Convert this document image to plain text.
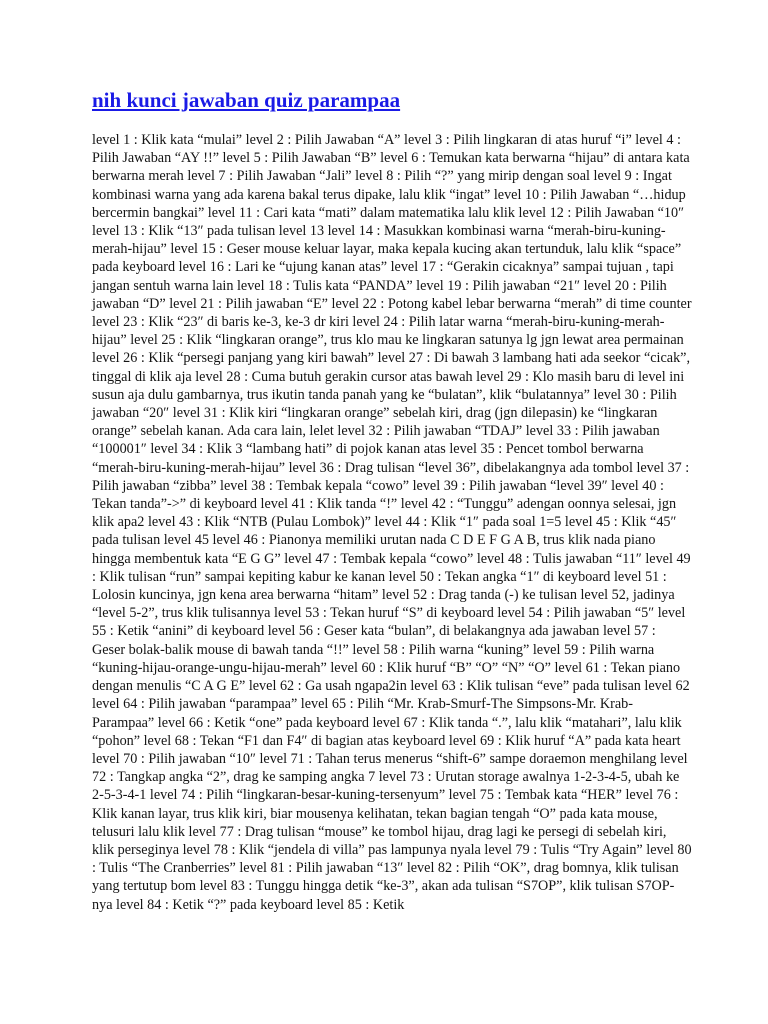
nih kunci jawaban quiz parampaa

level 1 : Klik kata “mulai” level 2 : Pilih Jawaban “A” level 3 : Pilih lingkaran di atas huruf “i” level 4 : Pilih Jawaban “AY !!” level 5 : Pilih Jawaban “B” level 6 : Temukan kata berwarna “hijau” di antara kata berwarna merah level 7 : Pilih Jawaban “Jali” level 8 : Pilih “?” yang mirip dengan soal level 9 : Ingat kombinasi warna yang ada karena bakal terus dipake, lalu klik “ingat” level 10 : Pilih Jawaban “…hidup bercermin bangkai” level 11 : Cari kata “mati” dalam matematika lalu klik level 12 : Pilih Jawaban “10″ level 13 : Klik “13″ pada tulisan level 13 level 14 : Masukkan kombinasi warna “merah-biru-kuning-merah-hijau” level 15 : Geser mouse keluar layar, maka kepala kucing akan tertunduk, lalu klik “space” pada keyboard level 16 : Lari ke “ujung kanan atas” level 17 : “Gerakin cicaknya” sampai tujuan , tapi jangan sentuh warna lain level 18 : Tulis kata “PANDA” level 19 : Pilih jawaban “21″ level 20 : Pilih jawaban “D” level 21 : Pilih jawaban “E” level 22 : Potong kabel lebar berwarna “merah” di time counter level 23 : Klik “23″ di baris ke-3, ke-3 dr kiri level 24 : Pilih latar warna “merah-biru-kuning-merah-hijau” level 25 : Klik “lingkaran orange”, trus klo mau ke lingkaran satunya lg jgn lewat area permainan level 26 : Klik “persegi panjang yang kiri bawah” level 27 : Di bawah 3 lambang hati ada seekor “cicak”, tinggal di klik aja level 28 : Cuma butuh gerakin cursor atas bawah level 29 : Klo masih baru di level ini susun aja dulu gambarnya, trus ikutin tanda panah yang ke “bulatan”, klik “bulatannya” level 30 : Pilih jawaban “20″ level 31 : Klik kiri “lingkaran orange” sebelah kiri, drag (jgn dilepasin) ke “lingkaran orange” sebelah kanan. Ada cara lain, lelet level 32 : Pilih jawaban “TDAJ” level 33 : Pilih jawaban “100001″ level 34 : Klik 3 “lambang hati” di pojok kanan atas level 35 : Pencet tombol berwarna “merah-biru-kuning-merah-hijau” level 36 : Drag tulisan “level 36”, dibelakangnya ada tombol level 37 : Pilih jawaban “zibba” level 38 : Tembak kepala “cowo” level 39 : Pilih jawaban “level 39″ level 40 : Tekan tanda”->” di keyboard level 41 : Klik tanda “!” level 42 : “Tunggu” adengan oonnya selesai, jgn klik apa2 level 43 : Klik “NTB (Pulau Lombok)” level 44 : Klik “1″ pada soal 1=5 level 45 : Klik “45″ pada tulisan level 45 level 46 : Pianonya memiliki urutan nada C D E F G A B, trus klik nada piano hingga membentuk kata “E G G” level 47 : Tembak kepala “cowo” level 48 : Tulis jawaban “11″ level 49 : Klik tulisan “run” sampai kepiting kabur ke kanan level 50 : Tekan angka “1″ di keyboard level 51 : Lolosin kuncinya, jgn kena area berwarna “hitam” level 52 : Drag tanda (-) ke tulisan level 52, jadinya “level 5-2”, trus klik tulisannya level 53 : Tekan huruf “S” di keyboard level 54 : Pilih jawaban “5″ level 55 : Ketik “anini” di keyboard level 56 : Geser kata “bulan”, di belakangnya ada jawaban level 57 : Geser bolak-balik mouse di bawah tanda “!!” level 58 : Pilih warna “kuning” level 59 : Pilih warna “kuning-hijau-orange-ungu-hijau-merah” level 60 : Klik huruf “B” “O” “N” “O” level 61 : Tekan piano dengan menulis “C A G E” level 62 : Ga usah ngapa2in level 63 : Klik tulisan “eve” pada tulisan level 62 level 64 : Pilih jawaban “parampaa” level 65 : Pilih “Mr. Krab-Smurf-The Simpsons-Mr. Krab-Parampaa” level 66 : Ketik “one” pada keyboard level 67 : Klik tanda “.”, lalu klik “matahari”, lalu klik “pohon” level 68 : Tekan “F1 dan F4″ di bagian atas keyboard level 69 : Klik huruf “A” pada kata heart level 70 : Pilih jawaban “10″ level 71 : Tahan terus menerus “shift-6” sampe doraemon menghilang level 72 : Tangkap angka “2”, drag ke samping angka 7 level 73 : Urutan storage awalnya 1-2-3-4-5, ubah ke 2-5-3-4-1 level 74 : Pilih “lingkaran-besar-kuning-tersenyum” level 75 : Tembak kata “HER” level 76 : Klik kanan layar, trus klik kiri, biar mousenya kelihatan, tekan bagian tengah “O” pada kata mouse, telusuri lalu klik level 77 : Drag tulisan “mouse” ke tombol hijau, drag lagi ke persegi di sebelah kiri, klik perseginya level 78 : Klik “jendela di villa” pas lampunya nyala level 79 : Tulis “Try Again” level 80 : Tulis “The Cranberries” level 81 : Pilih jawaban “13″ level 82 : Pilih “OK”, drag bomnya, klik tulisan yang tertutup bom level 83 : Tunggu hingga detik “ke-3”, akan ada tulisan “S7OP”, klik tulisan S7OP-nya level 84 : Ketik “?” pada keyboard level 85 : Ketik
